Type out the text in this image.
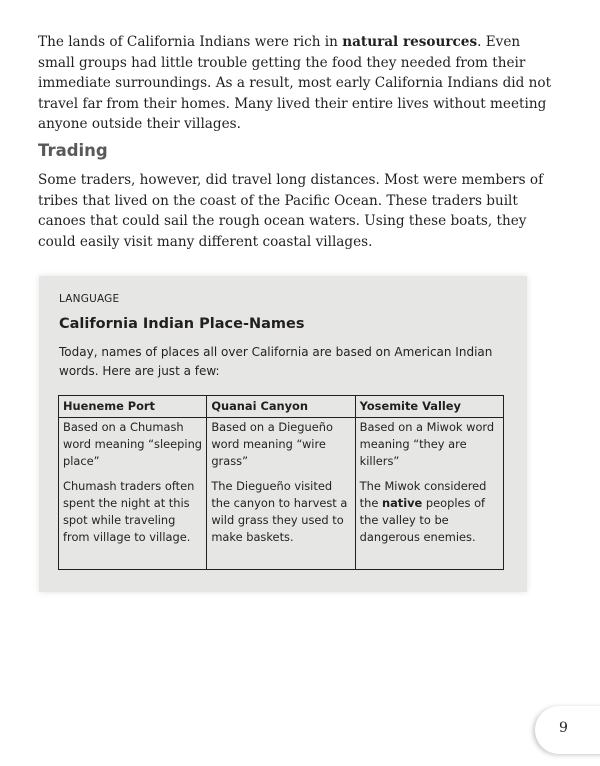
The lands of California Indians were rich in natural resources. Even small groups had little trouble getting the food they needed from their immediate surroundings. As a result, most early California Indians did not travel far from their homes. Many lived their entire lives without meeting anyone outside their villages.

Trading

Some traders, however, did travel long distances. Most were members of tribes that lived on the coast of the Pacific Ocean. These traders built canoes that could sail the rough ocean waters. Using these boats, they could easily visit many different coastal villages.

LANGUAGE
California Indian Place-Names
Today, names of places all over California are based on American Indian words. Here are just a few:
Hueneme Port
Based on a Chumash word meaning “sleeping place”
Chumash traders often spent the night at this spot while traveling from village to village.
Quanai Canyon
Based on a Diegueño word meaning “wire grass”
The Diegueño visited the canyon to harvest a wild grass they used to make baskets.
Yosemite Valley
Based on a Miwok word meaning “they are killers”
The Miwok considered the native peoples of the valley to be dangerous enemies.
9
